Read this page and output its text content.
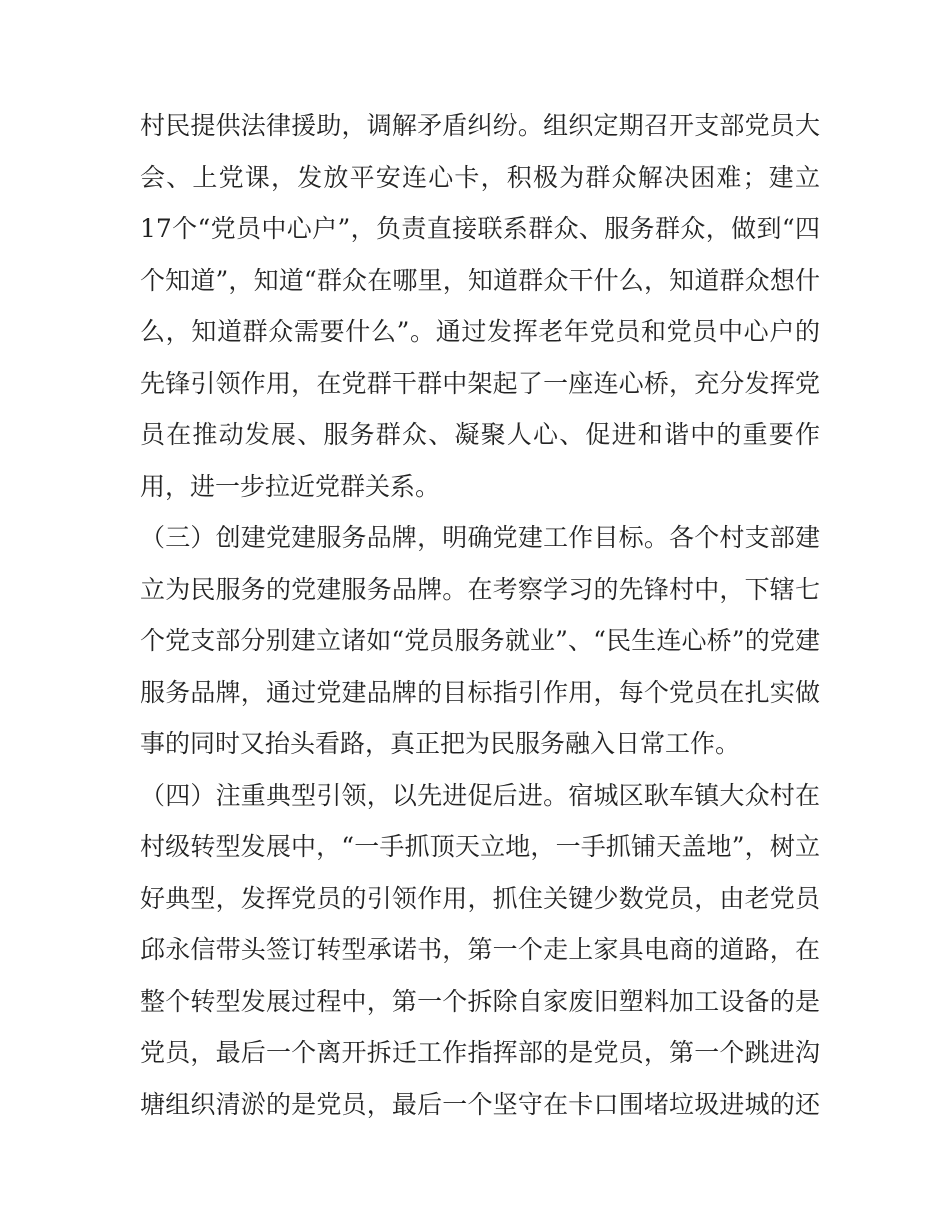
村民提供法律援助，调解矛盾纠纷。组织定期召开支部党员大
会、上党课，发放平安连心卡，积极为群众解决困难；建立
17个“党员中心户”，负责直接联系群众、服务群众，做到“四
个知道”，知道“群众在哪里，知道群众干什么，知道群众想什
么，知道群众需要什么”。通过发挥老年党员和党员中心户的
先锋引领作用，在党群干群中架起了一座连心桥，充分发挥党
员在推动发展、服务群众、凝聚人心、促进和谐中的重要作
用，进一步拉近党群关系。
（三）创建党建服务品牌，明确党建工作目标。各个村支部建
立为民服务的党建服务品牌。在考察学习的先锋村中，下辖七
个党支部分别建立诸如“党员服务就业”、“民生连心桥”的党建
服务品牌，通过党建品牌的目标指引作用，每个党员在扎实做
事的同时又抬头看路，真正把为民服务融入日常工作。
（四）注重典型引领，以先进促后进。宿城区耿车镇大众村在
村级转型发展中，“一手抓顶天立地，一手抓铺天盖地”，树立
好典型，发挥党员的引领作用，抓住关键少数党员，由老党员
邱永信带头签订转型承诺书，第一个走上家具电商的道路，在
整个转型发展过程中，第一个拆除自家废旧塑料加工设备的是
党员，最后一个离开拆迁工作指挥部的是党员，第一个跳进沟
塘组织清淤的是党员，最后一个坚守在卡口围堵垃圾进城的还
